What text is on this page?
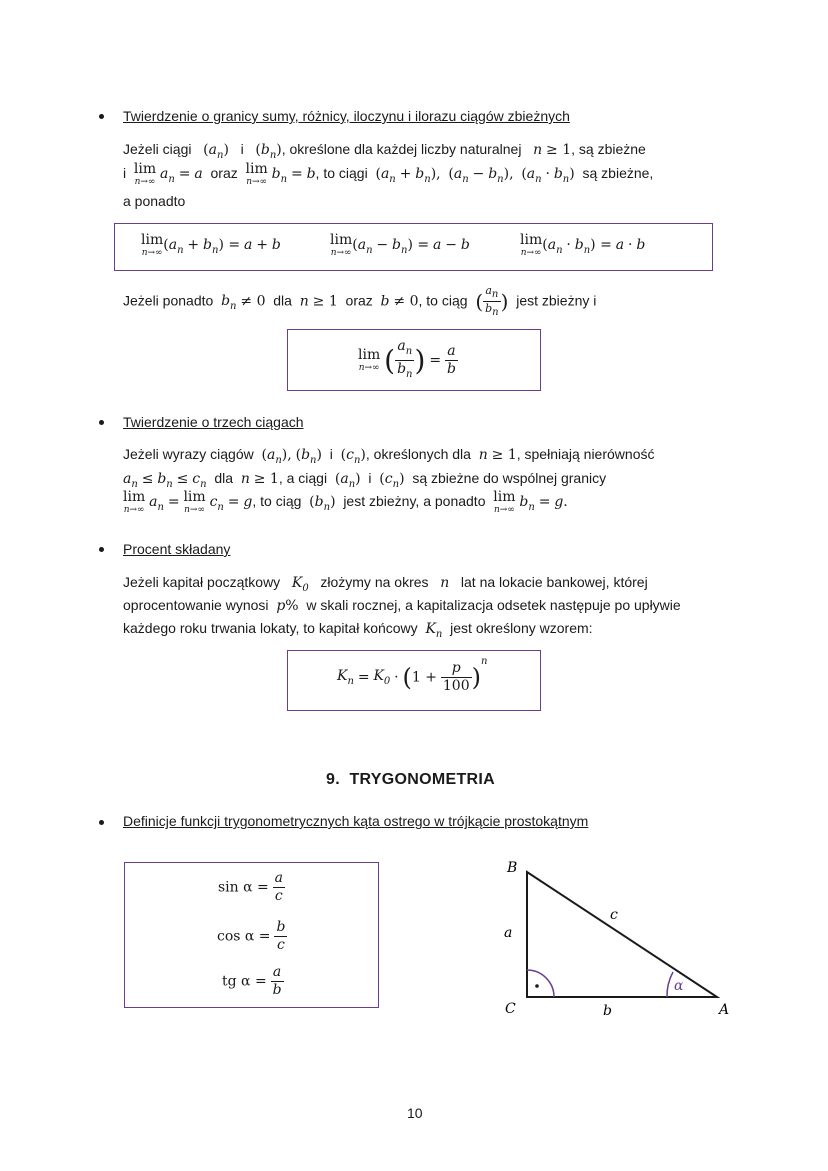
Twierdzenie o granicy sumy, różnicy, iloczynu i ilorazu ciągów zbieżnych
Jeżeli ciągi $(a_n)$ i $(b_n)$, określone dla każdej liczby naturalnej n ≥ 1, są zbieżne
i lim
n→∞ $a_n = a$ oraz lim
n→∞ $b_n = b$, to ciągi $(a_n + b_n)$, $(a_n - b_n)$, $(a_n \cdot b_n)$ są zbieżne,
a ponadto
lim
n→∞ $(a_n + b_n) = a + b$	lim
n→∞ $(a_n - b_n) = a - b$	lim
n→∞ $(a_n \cdot b_n) = a \cdot b$
Jeżeli ponadto $b_n \ne 0$ dla n ≥ 1 oraz b ≠ 0, to ciąg ( $\frac{a_n}{b_n}$ ) jest zbieżny i
lim
n→∞ ( $\frac{a_n}{b_n}$ ) = $\frac{a}{b}$
Twierdzenie o trzech ciągach
Jeżeli wyrazy ciągów $(a_n)$, $(b_n)$ i $(c_n)$, określonych dla n ≥ 1, spełniają nierówność
$a_n \le b_n \le c_n$ dla n ≥ 1, a ciągi $(a_n)$ i $(c_n)$ są zbieżne do wspólnej granicy
lim
n→∞ $a_n = \lim$
n→∞ $c_n = g$, to ciąg $(b_n)$ jest zbieżny, a ponadto lim
n→∞ $b_n = g$.
Procent składany
Jeżeli kapitał początkowy $K_0$ złożymy na okres n lat na lokacie bankowej, której
oprocentowanie wynosi p% w skali rocznej, a kapitalizacja odsetek następuje po upływie
każdego roku trwania lokaty, to kapitał końcowy $K_n$ jest określony wzorem:
$K_n = K_0 \cdot (1 + \frac{p}{100} )^n$
9. TRYGONOMETRIA
Definicje funkcji trygonometrycznych kąta ostrego w trójkącie prostokątnym
$\sin \alpha = \frac{a}{c}$
$\cos \alpha = \frac{b}{c}$
tg $\alpha = \frac{a}{b}$
B
C	A
a
c
b
α
10
